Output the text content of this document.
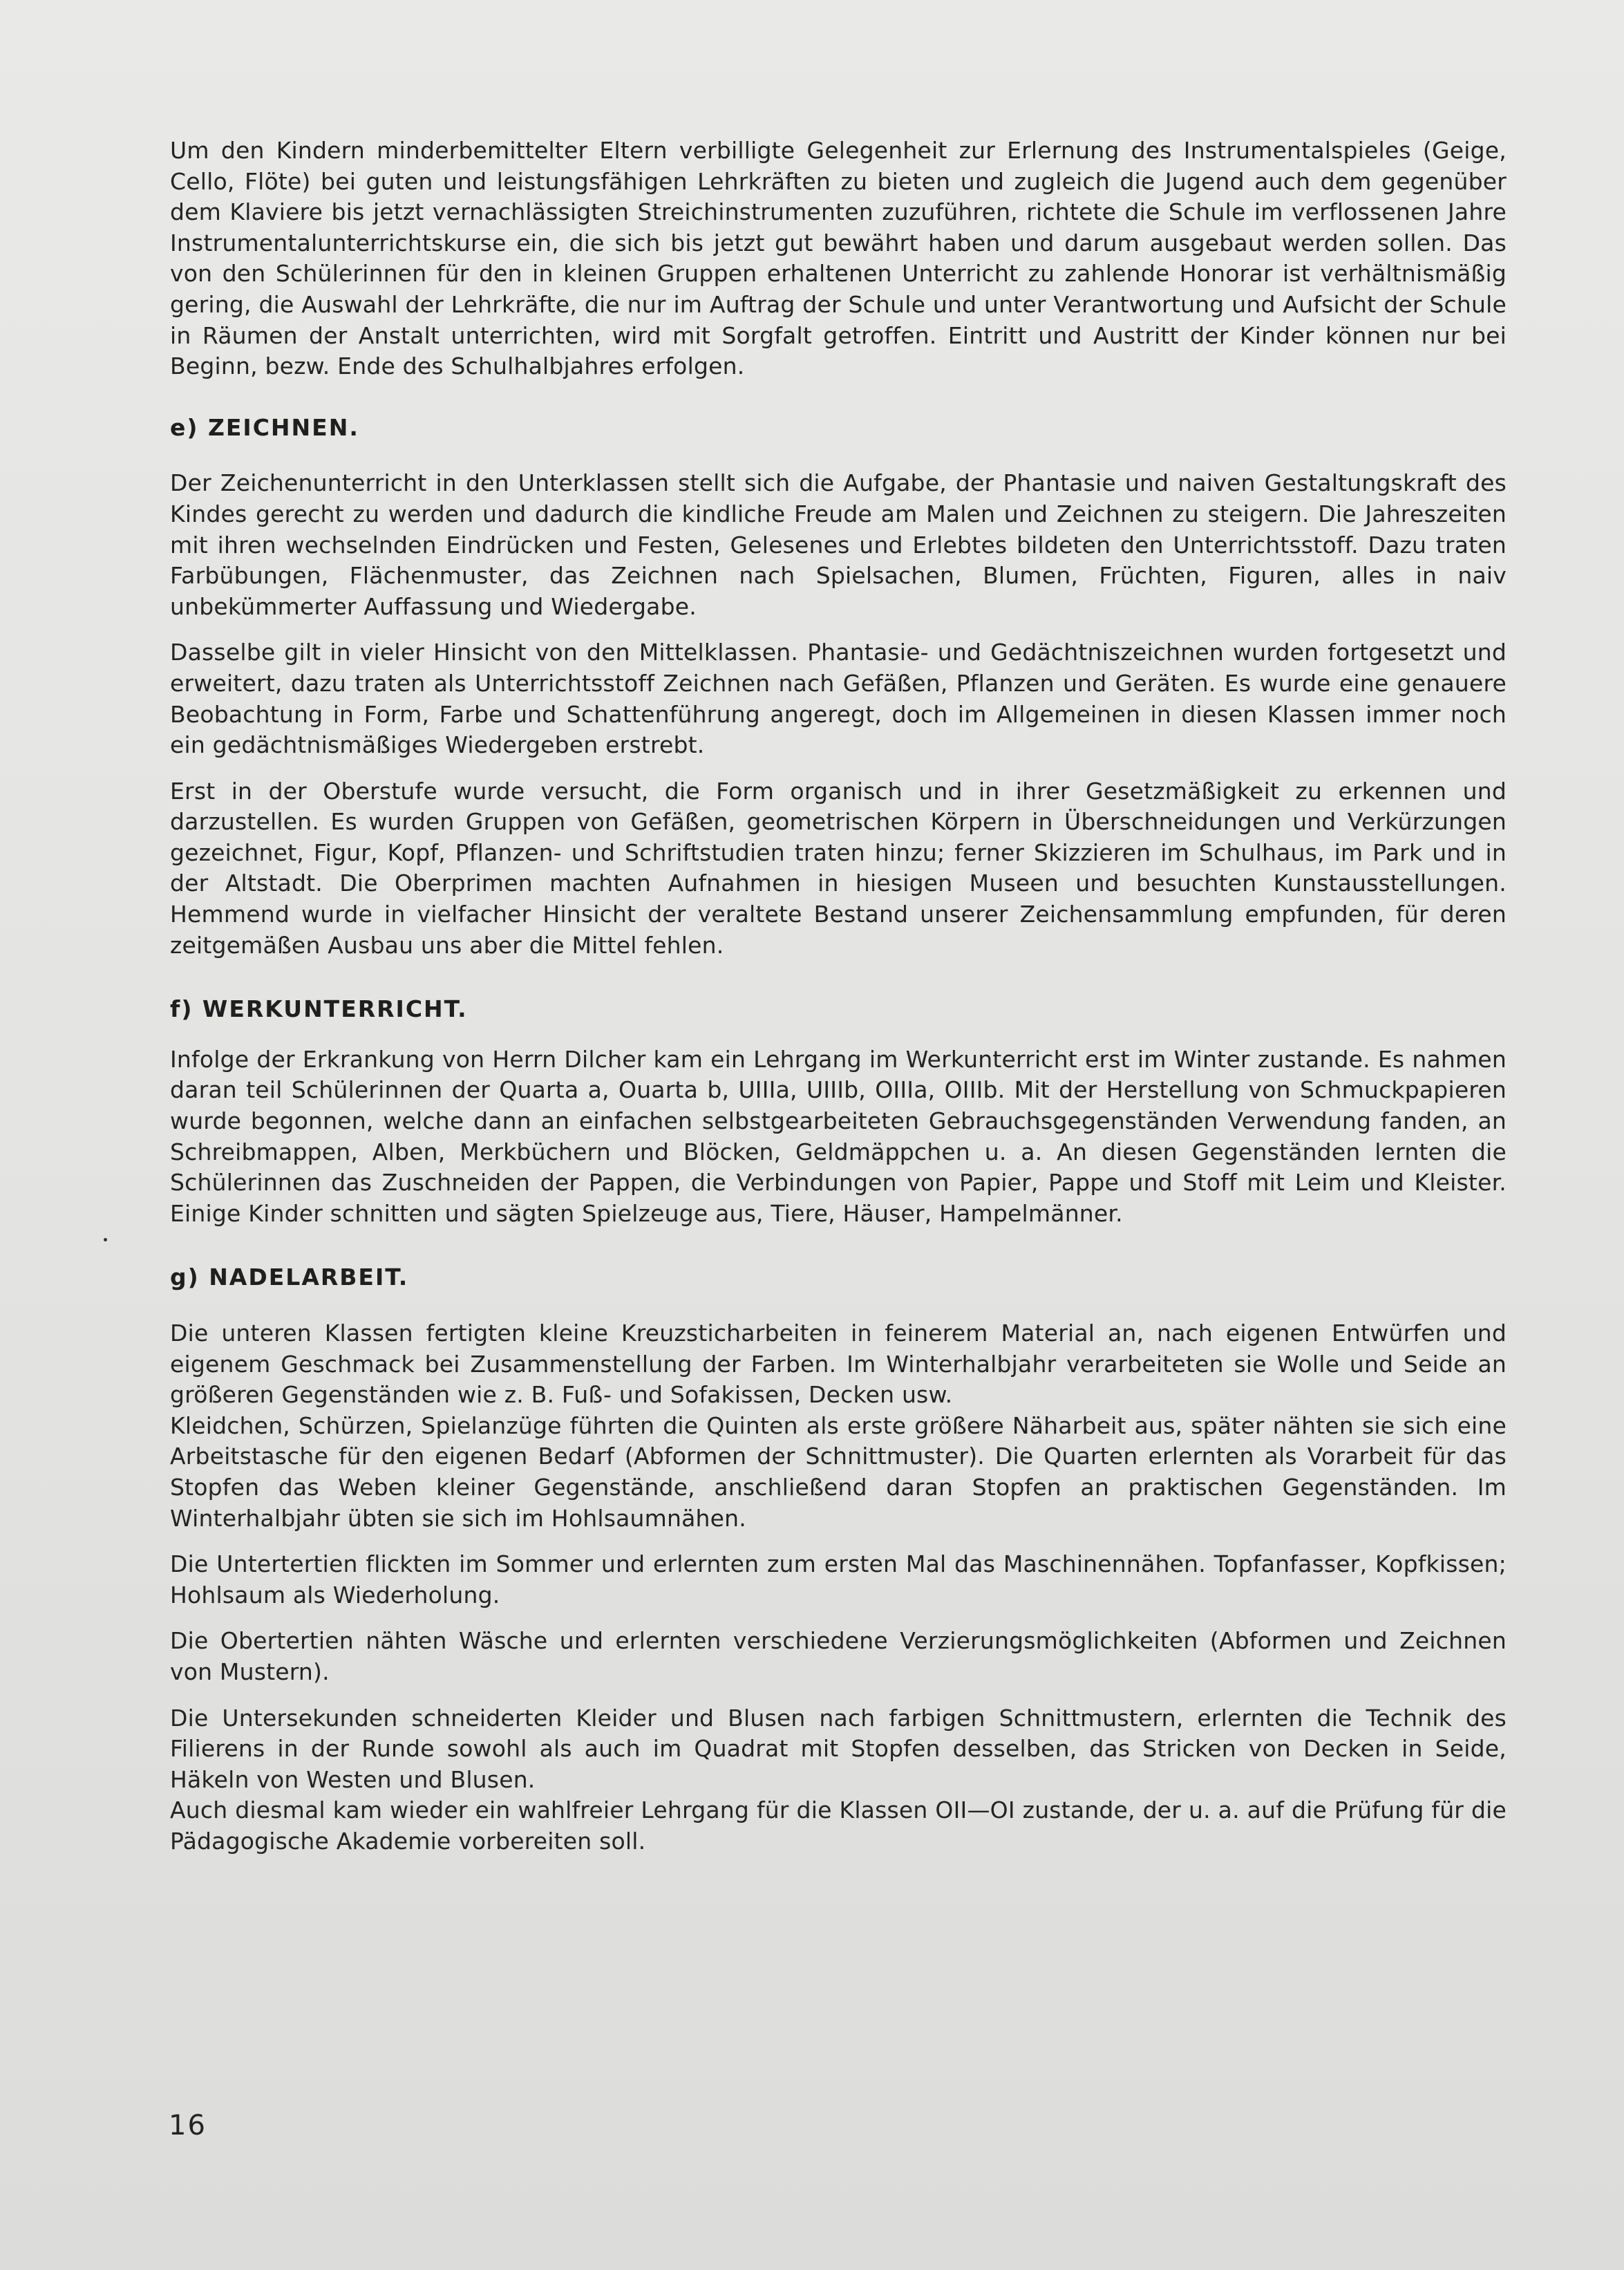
Um den Kindern minderbemittelter Eltern verbilligte Gelegenheit zur Erlernung des Instrumentalspieles (Geige, Cello, Flöte) bei guten und leistungsfähigen Lehrkräften zu bieten und zugleich die Jugend auch dem gegenüber dem Klaviere bis jetzt vernachlässigten Streichinstrumenten zuzuführen, richtete die Schule im verflossenen Jahre Instrumentalunterrichtskurse ein, die sich bis jetzt gut bewährt haben und darum ausgebaut werden sollen. Das von den Schülerinnen für den in kleinen Gruppen erhaltenen Unterricht zu zahlende Honorar ist verhältnismäßig gering, die Auswahl der Lehrkräfte, die nur im Auftrag der Schule und unter Verantwortung und Aufsicht der Schule in Räumen der Anstalt unterrichten, wird mit Sorgfalt getroffen. Eintritt und Austritt der Kinder können nur bei Beginn, bezw. Ende des Schulhalbjahres erfolgen.

e) ZEICHNEN.

Der Zeichenunterricht in den Unterklassen stellt sich die Aufgabe, der Phantasie und naiven Gestaltungskraft des Kindes gerecht zu werden und dadurch die kindliche Freude am Malen und Zeichnen zu steigern. Die Jahreszeiten mit ihren wechselnden Eindrücken und Festen, Gelesenes und Erlebtes bildeten den Unterrichtsstoff. Dazu traten Farbübungen, Flächenmuster, das Zeichnen nach Spielsachen, Blumen, Früchten, Figuren, alles in naiv unbekümmerter Auffassung und Wiedergabe.

Dasselbe gilt in vieler Hinsicht von den Mittelklassen. Phantasie- und Gedächtniszeichnen wurden fortgesetzt und erweitert, dazu traten als Unterrichtsstoff Zeichnen nach Gefäßen, Pflanzen und Geräten. Es wurde eine genauere Beobachtung in Form, Farbe und Schattenführung angeregt, doch im Allgemeinen in diesen Klassen immer noch ein gedächtnismäßiges Wiedergeben erstrebt.

Erst in der Oberstufe wurde versucht, die Form organisch und in ihrer Gesetzmäßigkeit zu erkennen und darzustellen. Es wurden Gruppen von Gefäßen, geometrischen Körpern in Überschneidungen und Verkürzungen gezeichnet, Figur, Kopf, Pflanzen- und Schriftstudien traten hinzu; ferner Skizzieren im Schulhaus, im Park und in der Altstadt. Die Oberprimen machten Aufnahmen in hiesigen Museen und besuchten Kunstausstellungen. Hemmend wurde in vielfacher Hinsicht der veraltete Bestand unserer Zeichensammlung empfunden, für deren zeitgemäßen Ausbau uns aber die Mittel fehlen.

f) WERKUNTERRICHT.

Infolge der Erkrankung von Herrn Dilcher kam ein Lehrgang im Werkunterricht erst im Winter zustande. Es nahmen daran teil Schülerinnen der Quarta a, Ouarta b, UIIIa, UIIIb, OIIIa, OIIIb. Mit der Herstellung von Schmuckpapieren wurde begonnen, welche dann an einfachen selbstgearbeiteten Gebrauchsgegenständen Verwendung fanden, an Schreibmappen, Alben, Merkbüchern und Blöcken, Geldmäppchen u. a. An diesen Gegenständen lernten die Schülerinnen das Zuschneiden der Pappen, die Verbindungen von Papier, Pappe und Stoff mit Leim und Kleister. Einige Kinder schnitten und sägten Spielzeuge aus, Tiere, Häuser, Hampelmänner.

g) NADELARBEIT.

Die unteren Klassen fertigten kleine Kreuzsticharbeiten in feinerem Material an, nach eigenen Entwürfen und eigenem Geschmack bei Zusammenstellung der Farben. Im Winterhalbjahr verarbeiteten sie Wolle und Seide an größeren Gegenständen wie z. B. Fuß- und Sofakissen, Decken usw.

Kleidchen, Schürzen, Spielanzüge führten die Quinten als erste größere Näharbeit aus, später nähten sie sich eine Arbeitstasche für den eigenen Bedarf (Abformen der Schnittmuster). Die Quarten erlernten als Vorarbeit für das Stopfen das Weben kleiner Gegenstände, anschließend daran Stopfen an praktischen Gegenständen. Im Winterhalbjahr übten sie sich im Hohlsaumnähen.

Die Untertertien flickten im Sommer und erlernten zum ersten Mal das Maschinennähen. Topfanfasser, Kopfkissen; Hohlsaum als Wiederholung.

Die Obertertien nähten Wäsche und erlernten verschiedene Verzierungsmöglichkeiten (Abformen und Zeichnen von Mustern).

Die Untersekunden schneiderten Kleider und Blusen nach farbigen Schnittmustern, erlernten die Technik des Filierens in der Runde sowohl als auch im Quadrat mit Stopfen desselben, das Stricken von Decken in Seide, Häkeln von Westen und Blusen.

Auch diesmal kam wieder ein wahlfreier Lehrgang für die Klassen OII—OI zustande, der u. a. auf die Prüfung für die Pädagogische Akademie vorbereiten soll.

16
